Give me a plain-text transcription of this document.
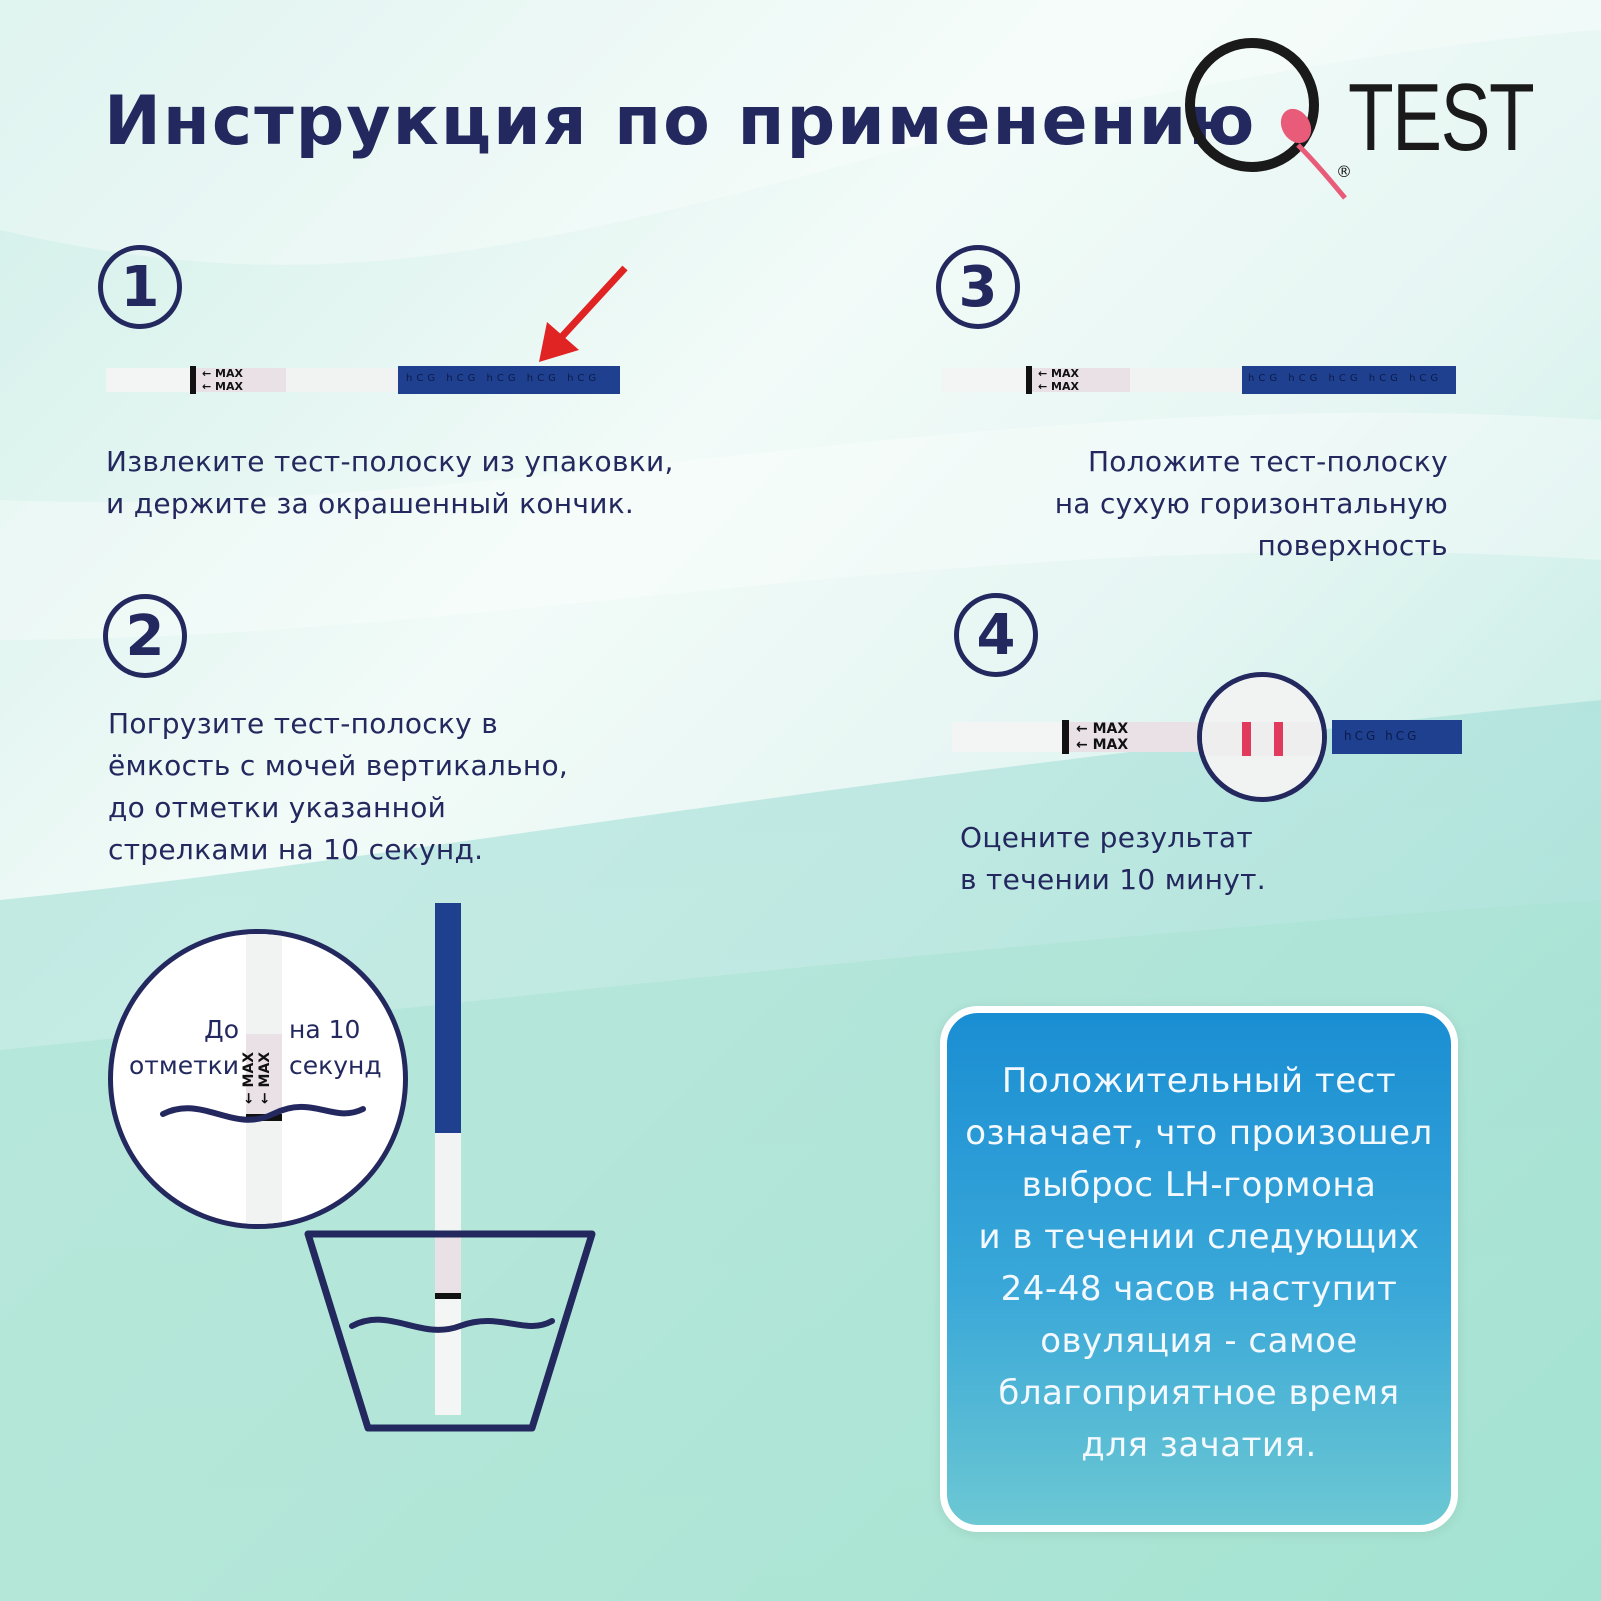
Инструкция по применению TEST
®
1
2
3
4
Извлеките тест-полоску из упаковки,
и держите за окрашенный кончик.
Погрузите тест-полоску в
ёмкость с мочей вертикально,
до отметки указанной
стрелками на 10 секунд.
Положите тест-полоску
на сухую горизонтальную
поверхность
Оцените результат
в течении 10 минут.
← MAX
← MAX
hCG hCG hCG hCG hCG	← MAX
← MAX
hCG hCG hCG hCG hCG
← MAX
← MAX
hCG hCG
← MAX
← MAX
До
отметки
на 10
секунд	Положительный тест
означает, что произошел
выброс LH-гормона
и в течении следующих
24-48 часов наступит
овуляция - самое
благоприятное время
для зачатия.
